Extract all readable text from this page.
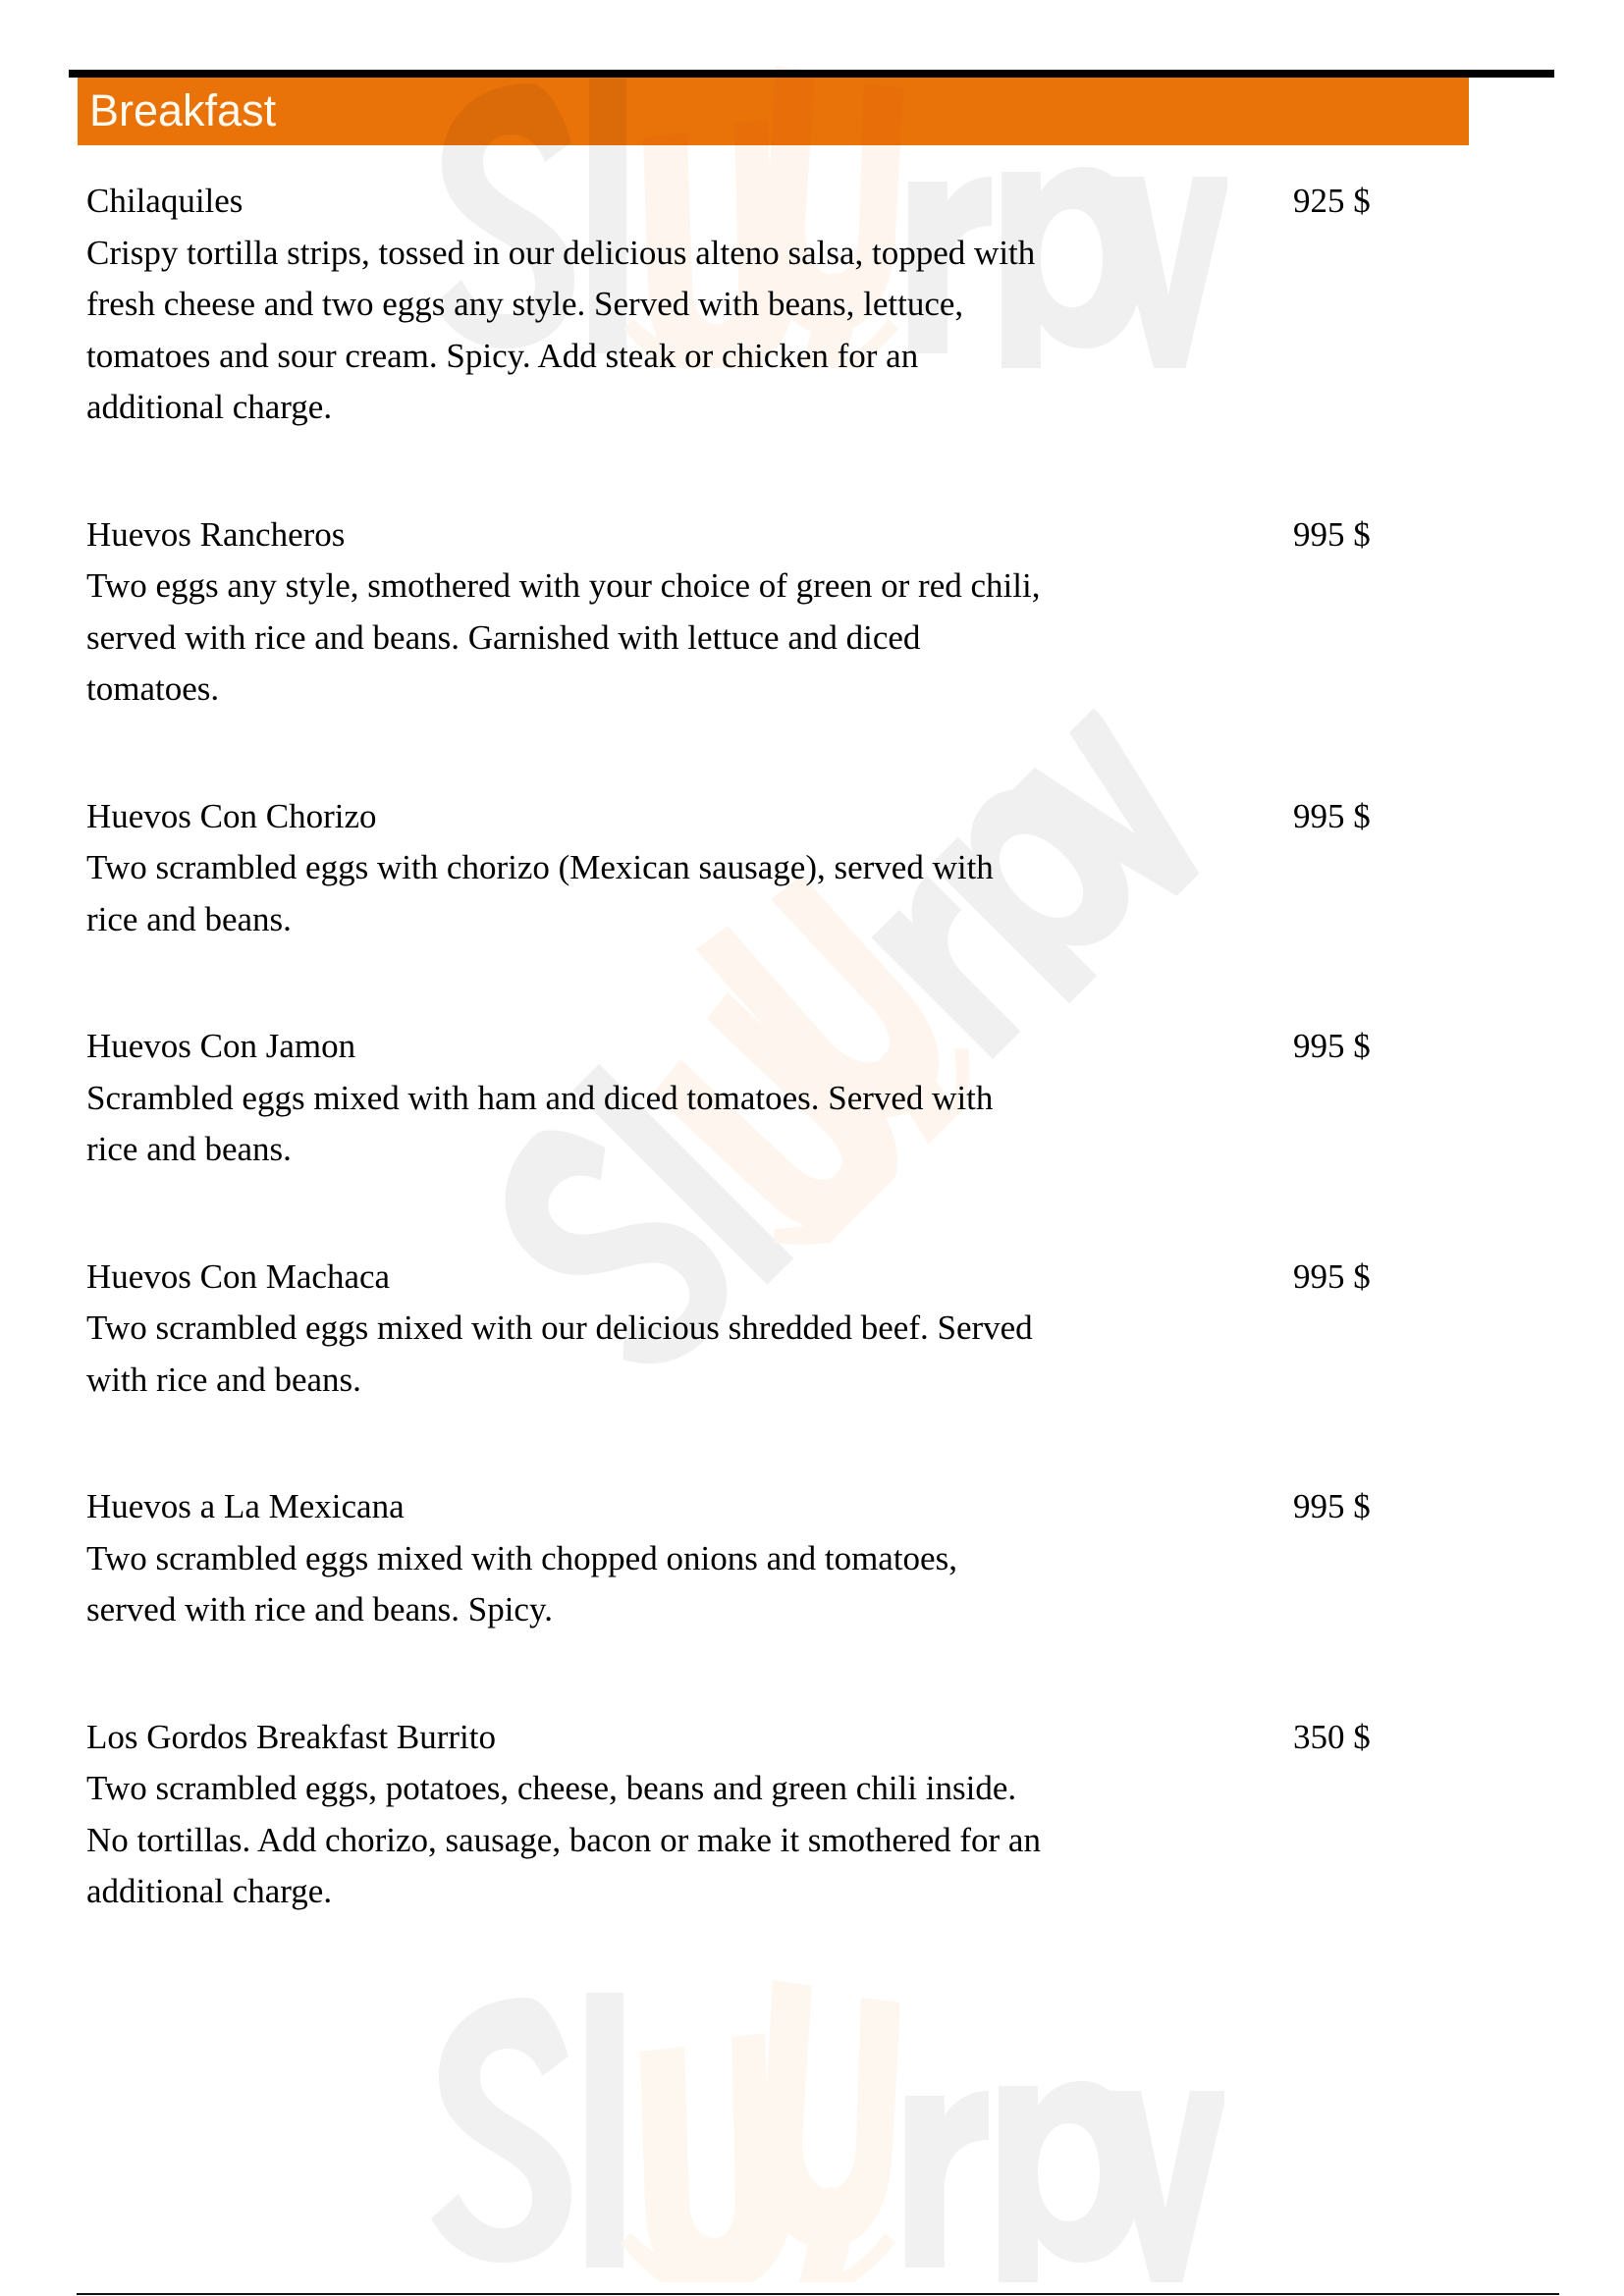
Breakfast
Chilaquiles	925 $
Crispy tortilla strips, tossed in our delicious alteno salsa, topped with
fresh cheese and two eggs any style. Served with beans, lettuce,
tomatoes and sour cream. Spicy. Add steak or chicken for an
additional charge.
Huevos Rancheros	995 $
Two eggs any style, smothered with your choice of green or red chili,
served with rice and beans. Garnished with lettuce and diced
tomatoes.
Huevos Con Chorizo	995 $
Two scrambled eggs with chorizo (Mexican sausage), served with
rice and beans.
Huevos Con Jamon	995 $
Scrambled eggs mixed with ham and diced tomatoes. Served with
rice and beans.
Huevos Con Machaca	995 $
Two scrambled eggs mixed with our delicious shredded beef. Served
with rice and beans.
Huevos a La Mexicana	995 $
Two scrambled eggs mixed with chopped onions and tomatoes,
served with rice and beans. Spicy.
Los Gordos Breakfast Burrito	350 $
Two scrambled eggs, potatoes, cheese, beans and green chili inside.
No tortillas. Add chorizo, sausage, bacon or make it smothered for an
additional charge.
